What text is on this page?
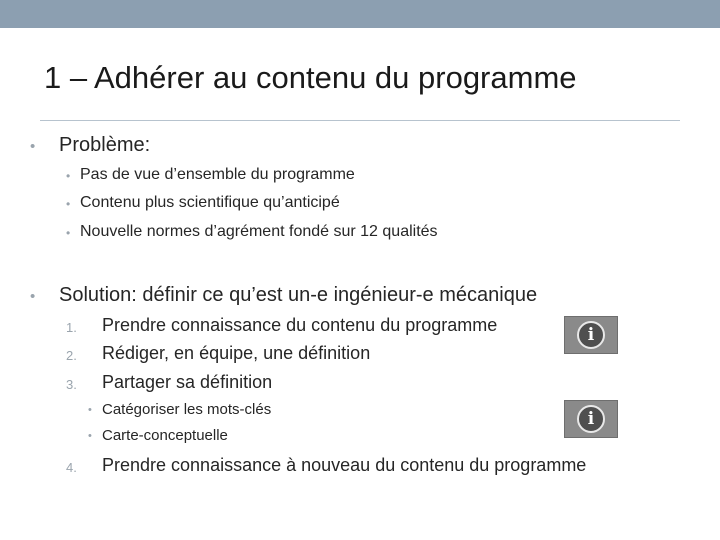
1 – Adhérer au contenu du programme
• Problème:
• Pas de vue d’ensemble du programme
• Contenu plus scientifique qu’anticipé
• Nouvelle normes d’agrément fondé sur 12 qualités
• Solution: définir ce qu’est un-e ingénieur-e mécanique
1. Prendre connaissance du contenu du programme
2. Rédiger, en équipe, une définition
3. Partager sa définition
• Catégoriser les mots-clés
• Carte-conceptuelle
4. Prendre connaissance à nouveau du contenu du programme
i
i
